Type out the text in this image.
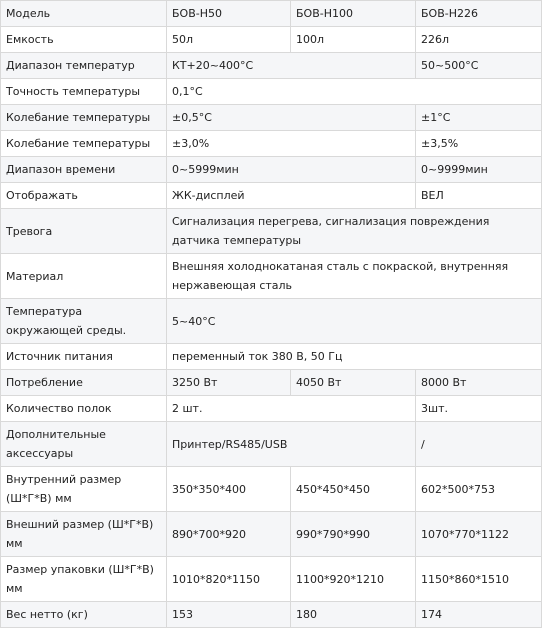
Модель	БОВ-H50	БОВ-H100	БОВ-H226
Емкость	50л	100л	226л
Диапазон температур	КТ+20~400°C		50~500°C
Точность температуры	0,1°C		
Колебание температуры	±0,5°C		±1°C
Колебание температуры	±3,0%		±3,5%
Диапазон времени	0~5999мин		0~9999мин
Отображать	ЖК-дисплей		ВЕЛ
Тревога	Сигнализация перегрева, сигнализация повреждения датчика температуры		
Материал	Внешняя холоднокатаная сталь с покраской, внутренняя нержавеющая сталь		
Температура окружающей среды.	5~40°C		
Источник питания	переменный ток 380 В, 50 Гц		
Потребление	3250 Вт	4050 Вт	8000 Вт
Количество полок	2 шт.		3шт.
Дополнительные аксессуары	Принтер/RS485/USB		/
Внутренний размер (Ш*Г*В) мм	350*350*400	450*450*450	602*500*753
Внешний размер (Ш*Г*В) мм	890*700*920	990*790*990	1070*770*1122
Размер упаковки (Ш*Г*В) мм	1010*820*1150	1100*920*1210	1150*860*1510
Вес нетто (кг)	153	180	174
